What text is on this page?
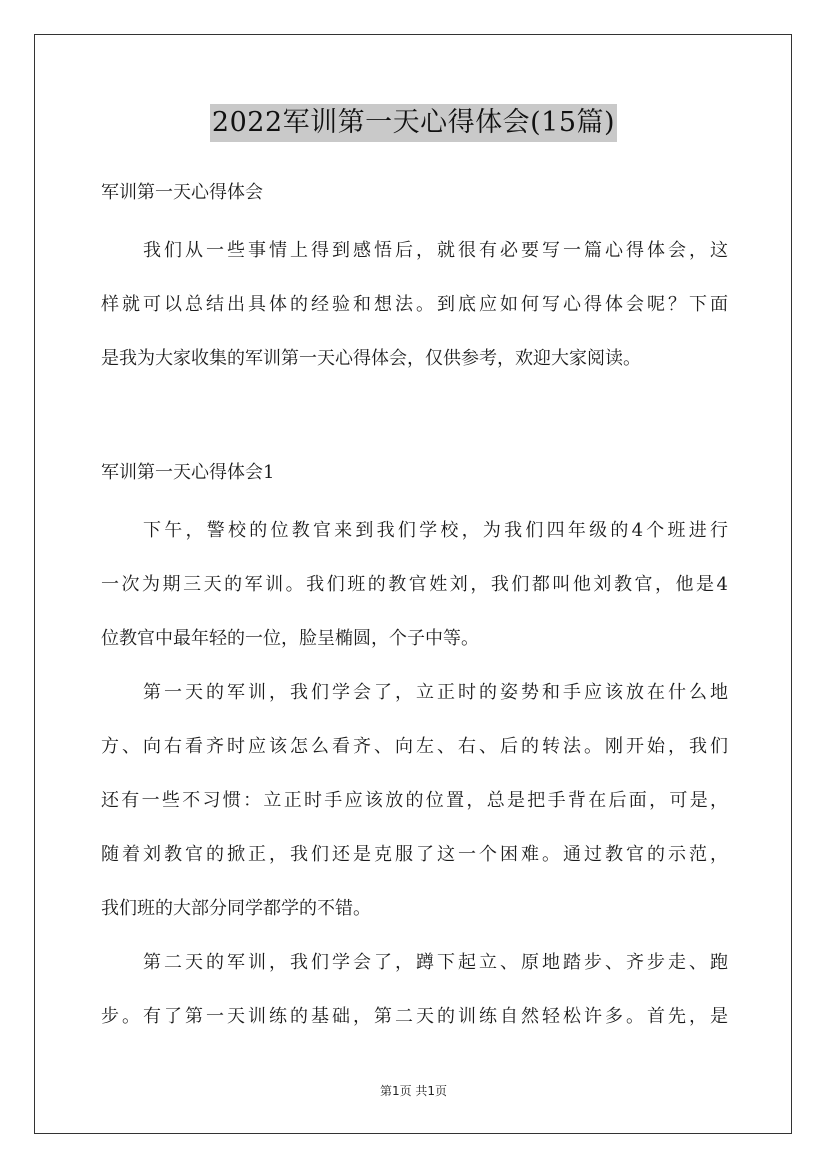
2022军训第一天心得体会(15篇)
军训第一天心得体会
我们从一些事情上得到感悟后，就很有必要写一篇心得体会，这
样就可以总结出具体的经验和想法。到底应如何写心得体会呢？下面
是我为大家收集的军训第一天心得体会，仅供参考，欢迎大家阅读。
军训第一天心得体会1
下午，警校的位教官来到我们学校，为我们四年级的4个班进行
一次为期三天的军训。我们班的教官姓刘，我们都叫他刘教官，他是4
位教官中最年轻的一位，脸呈椭圆，个子中等。
第一天的军训，我们学会了，立正时的姿势和手应该放在什么地
方、向右看齐时应该怎么看齐、向左、右、后的转法。刚开始，我们
还有一些不习惯：立正时手应该放的位置，总是把手背在后面，可是，
随着刘教官的掀正，我们还是克服了这一个困难。通过教官的示范，
我们班的大部分同学都学的不错。
第二天的军训，我们学会了，蹲下起立、原地踏步、齐步走、跑
步。有了第一天训练的基础，第二天的训练自然轻松许多。首先，是
第1页 共1页
